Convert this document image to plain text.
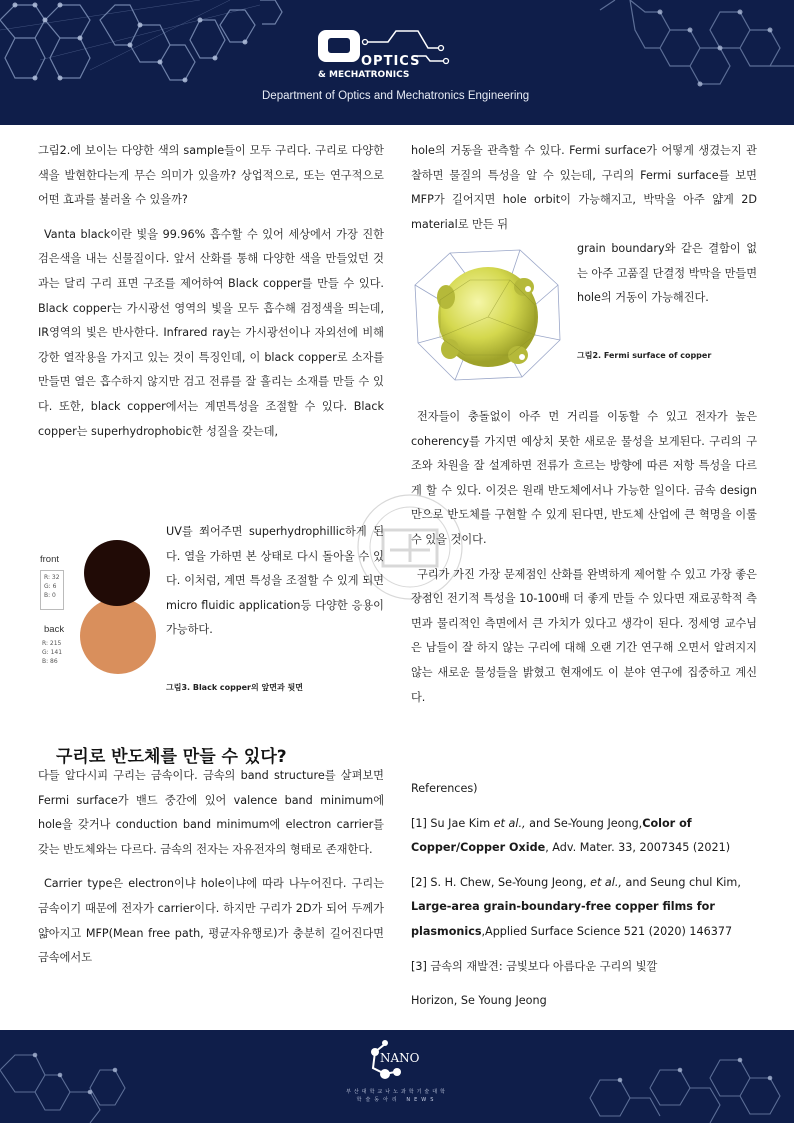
OPTICS
& MECHATRONICS
Department of Optics and Mechatronics Engineering

그림2.에 보이는 다양한 색의 sample들이 모두 구리다. 구리로 다양한 색을 발현한다는게 무슨 의미가 있을까? 상업적으로, 또는 연구적으로 어떤 효과를 불러올 수 있을까?

Vanta black이란 빛을 99.96% 흡수할 수 있어 세상에서 가장 진한 검은색을 내는 신물질이다. 앞서 산화를 통해 다양한 색을 만들었던 것과는 달리 구리 표면 구조를 제어하여 Black copper를 만들 수 있다. Black copper는 가시광선 영역의 빛을 모두 흡수해 검정색을 띄는데, IR영역의 빛은 반사한다. Infrared ray는 가시광선이나 자외선에 비해 강한 열작용을 가지고 있는 것이 특징인데, 이 black copper로 소자를 만들면 열은 흡수하지 않지만 검고 전류를 잘 흘리는 소재를 만들 수 있다. 또한, black copper에서는 계면특성을 조절할 수 있다. Black copper는 superhydrophobic한 성질을 갖는데,

front
R: 32
G: 6
B: 0
back
R: 215
G: 141
B: 86

UV를 쬐어주면 superhydrophillic하게 된다. 열을 가하면 본 상태로 다시 돌아올 수 있다. 이처럼, 계면 특성을 조절할 수 있게 되면 micro fluidic application등 다양한 응용이 가능하다.

그림3. Black copper의 앞면과 뒷면
구리로 반도체를 만들 수 있다?

다들 알다시피 구리는 금속이다. 금속의 band structure를 살펴보면 Fermi surface가 밴드 중간에 있어 valence band minimum에 hole을 갖거나 conduction band minimum에 electron carrier를 갖는 반도체와는 다르다. 금속의 전자는 자유전자의 형태로 존재한다.

Carrier type은 electron이냐 hole이냐에 따라 나누어진다. 구리는 금속이기 때문에 전자가 carrier이다. 하지만 구리가 2D가 되어 두께가 얇아지고 MFP(Mean free path, 평균자유행로)가 충분히 길어진다면 금속에서도

hole의 거동을 관측할 수 있다. Fermi surface가 어떻게 생겼는지 관찰하면 물질의 특성을 알 수 있는데, 구리의 Fermi surface를 보면 MFP가 길어지면 hole orbit이 가능해지고, 박막을 아주 얇게 2D material로 만든 뒤

grain boundary와 같은 결함이 없는 아주 고품질 단결정 박막을 만들면 hole의 거동이 가능해진다.

그림2. Fermi surface of copper

전자들이 충돌없이 아주 먼 거리를 이동할 수 있고 전자가 높은 coherency를 가지면 예상치 못한 새로운 물성을 보게된다. 구리의 구조와 차원을 잘 설계하면 전류가 흐르는 방향에 따른 저항 특성을 다르게 할 수 있다. 이것은 원래 반도체에서나 가능한 일이다. 금속 design만으로 반도체를 구현할 수 있게 된다면, 반도체 산업에 큰 혁명을 이룰 수 있을 것이다.

구리가 가진 가장 문제점인 산화를 완벽하게 제어할 수 있고 가장 좋은 장점인 전기적 특성을 10-100배 더 좋게 만들 수 있다면 재료공학적 측면과 물리적인 측면에서 큰 가치가 있다고 생각이 된다. 정세영 교수님은 남들이 잘 하지 않는 구리에 대해 오랜 기간 연구해 오면서 알려지지 않는 새로운 물성들을 밝혔고 현재에도 이 분야 연구에 집중하고 계신다.

References)
[1] Su Jae Kim et al., and Se-Young Jeong,Color of Copper/Copper Oxide, Adv. Mater. 33, 2007345 (2021)
[2] S. H. Chew, Se-Young Jeong, et al., and Seung chul Kim, Large-area grain-boundary-free copper films for plasmonics,Applied Surface Science 521 (2020) 146377
[3] 금속의 재발견: 금빛보다 아름다운 구리의 빛깔
Horizon, Se Young Jeong
NANO
부산대학교나노과학기술대학
학술동아리 NEWS
